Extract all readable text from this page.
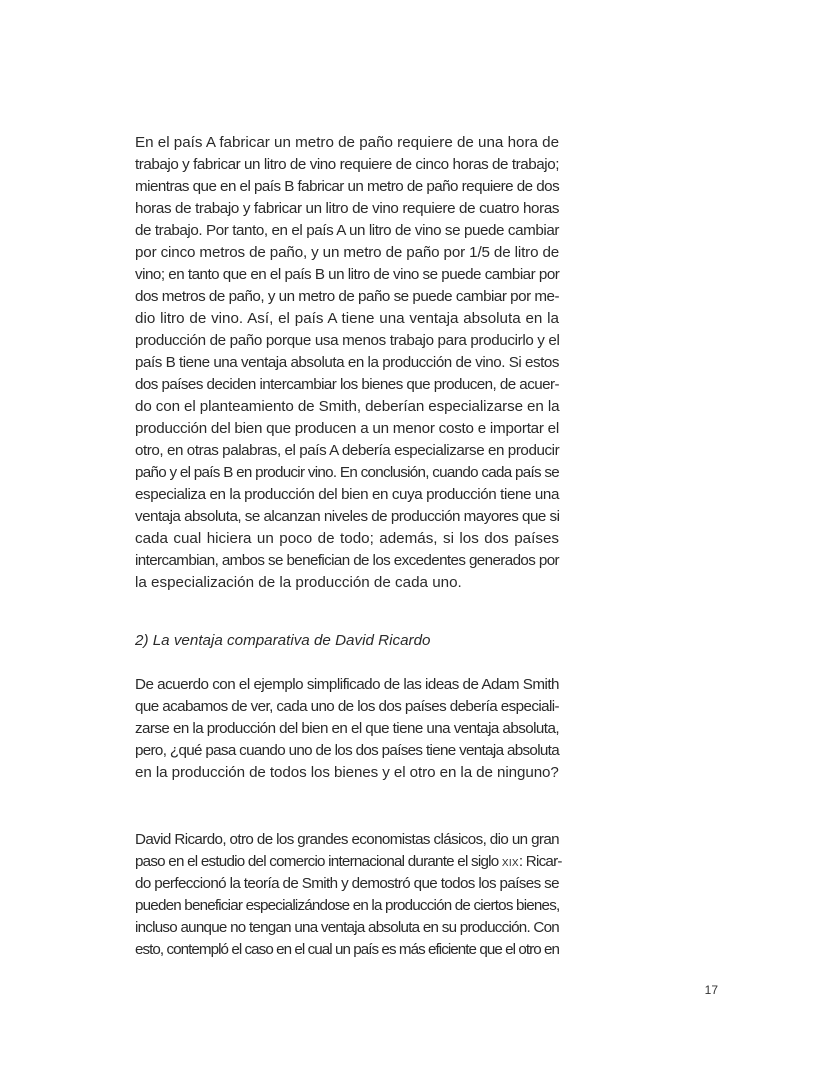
En el país A fabricar un metro de paño requiere de una hora de
trabajo y fabricar un litro de vino requiere de cinco horas de trabajo;
mientras que en el país B fabricar un metro de paño requiere de dos
horas de trabajo y fabricar un litro de vino requiere de cuatro horas
de trabajo. Por tanto, en el país A un litro de vino se puede cambiar
por cinco metros de paño, y un metro de paño por 1/5 de litro de
vino; en tanto que en el país B un litro de vino se puede cambiar por
dos metros de paño, y un metro de paño se puede cambiar por me-
dio litro de vino. Así, el país A tiene una ventaja absoluta en la
producción de paño porque usa menos trabajo para producirlo y el
país B tiene una ventaja absoluta en la producción de vino. Si estos
dos países deciden intercambiar los bienes que producen, de acuer-
do con el planteamiento de Smith, deberían especializarse en la
producción del bien que producen a un menor costo e importar el
otro, en otras palabras, el país A debería especializarse en producir
paño y el país B en producir vino. En conclusión, cuando cada país se
especializa en la producción del bien en cuya producción tiene una
ventaja absoluta, se alcanzan niveles de producción mayores que si
cada cual hiciera un poco de todo; además, si los dos países
intercambian, ambos se benefician de los excedentes generados por
la especialización de la producción de cada uno.
2) La ventaja comparativa de David Ricardo
De acuerdo con el ejemplo simplificado de las ideas de Adam Smith
que acabamos de ver, cada uno de los dos países debería especiali-
zarse en la producción del bien en el que tiene una ventaja absoluta,
pero, ¿qué pasa cuando uno de los dos países tiene ventaja absoluta
en la producción de todos los bienes y el otro en la de ninguno?
David Ricardo, otro de los grandes economistas clásicos, dio un gran
paso en el estudio del comercio internacional durante el siglo XIX: Ricar-
do perfeccionó la teoría de Smith y demostró que todos los países se
pueden beneficiar especializándose en la producción de ciertos bienes,
incluso aunque no tengan una ventaja absoluta en su producción. Con
esto, contempló el caso en el cual un país es más eficiente que el otro en
17
